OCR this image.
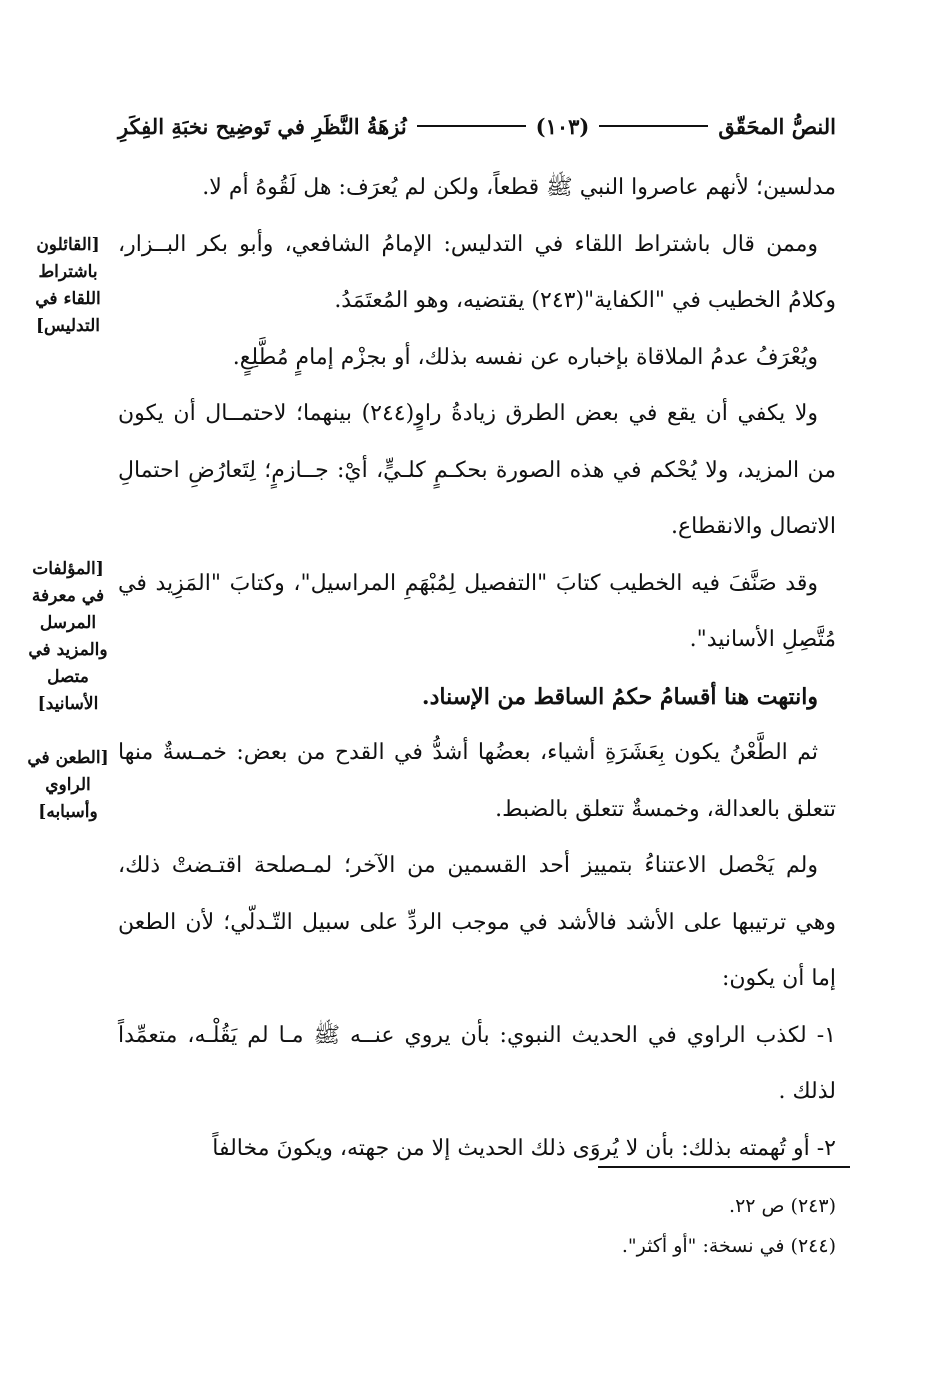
النصُّ المحَقّق
(١٠٣)
نُزهَةُ النَّظَرِ في تَوضِيح نخبَةِ الفِكَرِ

مدلسين؛ لأنهم عاصروا النبي ﷺ قطعاً، ولكن لم يُعرَف: هل لَقُوهُ أم لا.

وممن قال باشتراط اللقاء في التدليس: الإمامُ الشافعي، وأبو بكر البــزار، وكلامُ الخطيب في "الكفاية"(٢٤٣) يقتضيه، وهو المُعتَمَدُ.

ويُعْرَفُ عدمُ الملاقاة بإخباره عن نفسه بذلك، أو بجزْم إمامٍ مُطَّلِعٍ.

ولا يكفي أن يقع في بعض الطرق زيادةُ راوٍ(٢٤٤) بينهما؛ لاحتمــال أن يكون من المزيد، ولا يُحْكم في هذه الصورة بحكـمٍ كلـيٍّ، أيْ: جــازمٍ؛ لِتَعارُضِ احتمالِ الاتصال والانقطاع.

وقد صَنَّفَ فيه الخطيب كتابَ "التفصيل لِمُبْهَمِ المراسيل"، وكتابَ "المَزِيد في مُتَّصِلِ الأسانيد".

وانتهت هنا أقسامُ حكمُ الساقط من الإسناد.

ثم الطَّعْنُ يكون بِعَشَرَةِ أشياء، بعضُها أشدُّ في القدح من بعض: خمـسةٌ منها تتعلق بالعدالة، وخمسةٌ تتعلق بالضبط.

ولم يَحْصل الاعتناءُ بتمييز أحد القسمين من الآخر؛ لمـصلحة اقتـضتْ ذلك، وهي ترتيبها على الأشد فالأشد في موجب الردِّ على سبيل التّـدلّي؛ لأن الطعن إما أن يكون:

١- لكذب الراوي في الحديث النبوي: بأن يروي عنــه ﷺ مـا لم يَقُلْـه، متعمِّداً لذلك .

٢- أو تُهمته بذلك: بأن لا يُروَى ذلك الحديث إلا من جهته، ويكونَ مخالفاً

[القائلون باشتراط اللقاء في التدليس]
[المؤلفات في معرفة المرسل والمزيد في متصل الأسانيد]
[الطعن في الراوي وأسبابه]
(٢٤٣) ص ٢٢.
(٢٤٤) في نسخة: "أو أكثر".
